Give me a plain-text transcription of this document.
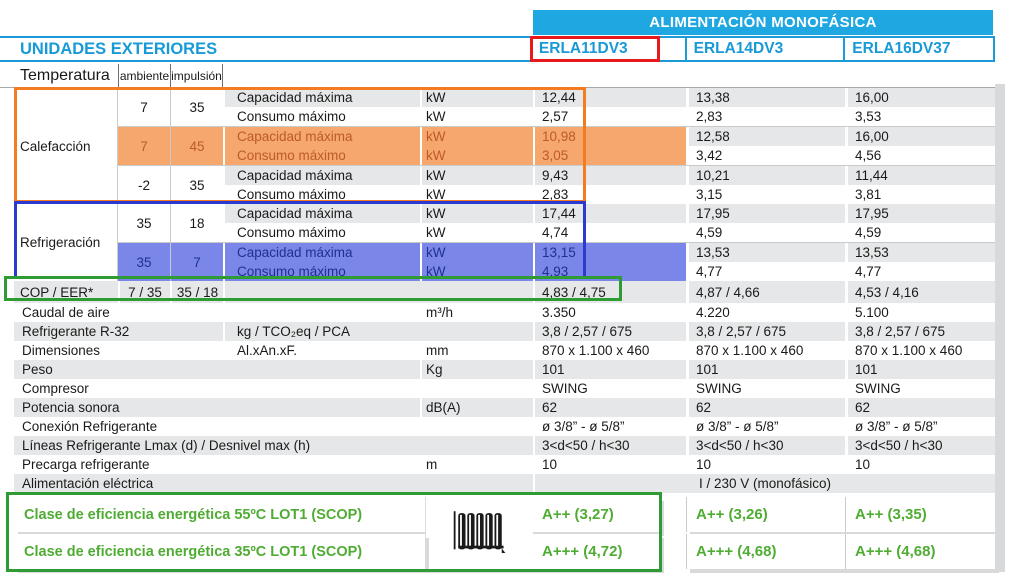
ALIMENTACIÓN MONOFÁSICA
UNIDADES EXTERIORES	ERLA11DV3	ERLA14DV3	ERLA16DV37
Temperatura ambiente impulsión
Calefacción
7	35
Capacidad máxima	kW	12,44	13,38	16,00
Consumo máximo	kW	2,57	2,83	3,53
7	45
Capacidad máxima	kW	10,98	12,58	16,00
Consumo máximo	kW	3,05	3,42	4,56
-2	35
Capacidad máxima	kW	9,43	10,21	11,44
Consumo máximo	kW	2,83	3,15	3,81
Refrigeración
35	18
Capacidad máxima	kW	17,44	17,95	17,95
Consumo máximo	kW	4,74	4,59	4,59
35	7
Capacidad máxima	kW	13,15	13,53	13,53
Consumo máximo	kW	4,93	4,77	4,77
COP / EER*	7 / 35	35 / 18	4,83 / 4,75	4,87 / 4,66	4,53 / 4,16
Caudal de aire	m³/h	3.350	4.220	5.100
Refrigerante R-32	kg / TCO₂eq / PCA	3,8 / 2,57 / 675	3,8 / 2,57 / 675	3,8 / 2,57 / 675
Dimensiones	Al.xAn.xF.	mm	870 x 1.100 x 460	870 x 1.100 x 460	870 x 1.100 x 460
Peso	Kg	101	101	101
Compresor	SWING	SWING	SWING
Potencia sonora	dB(A)	62	62	62
Conexión Refrigerante	ø 3/8” - ø 5/8”	ø 3/8” - ø 5/8”	ø 3/8” - ø 5/8”
Líneas Refrigerante Lmax (d) / Desnivel max (h)	3<d<50 / h<30	3<d<50 / h<30	3<d<50 / h<30
Precarga refrigerante	m	10	10	10
Alimentación eléctrica	I / 230 V (monofásico)
Clase de eficiencia energética 55ºC LOT1 (SCOP)	A++ (3,27)	A++ (3,26)	A++ (3,35)
Clase de eficiencia energética 35ºC LOT1 (SCOP)	A+++ (4,72)	A+++ (4,68)	A+++ (4,68)
